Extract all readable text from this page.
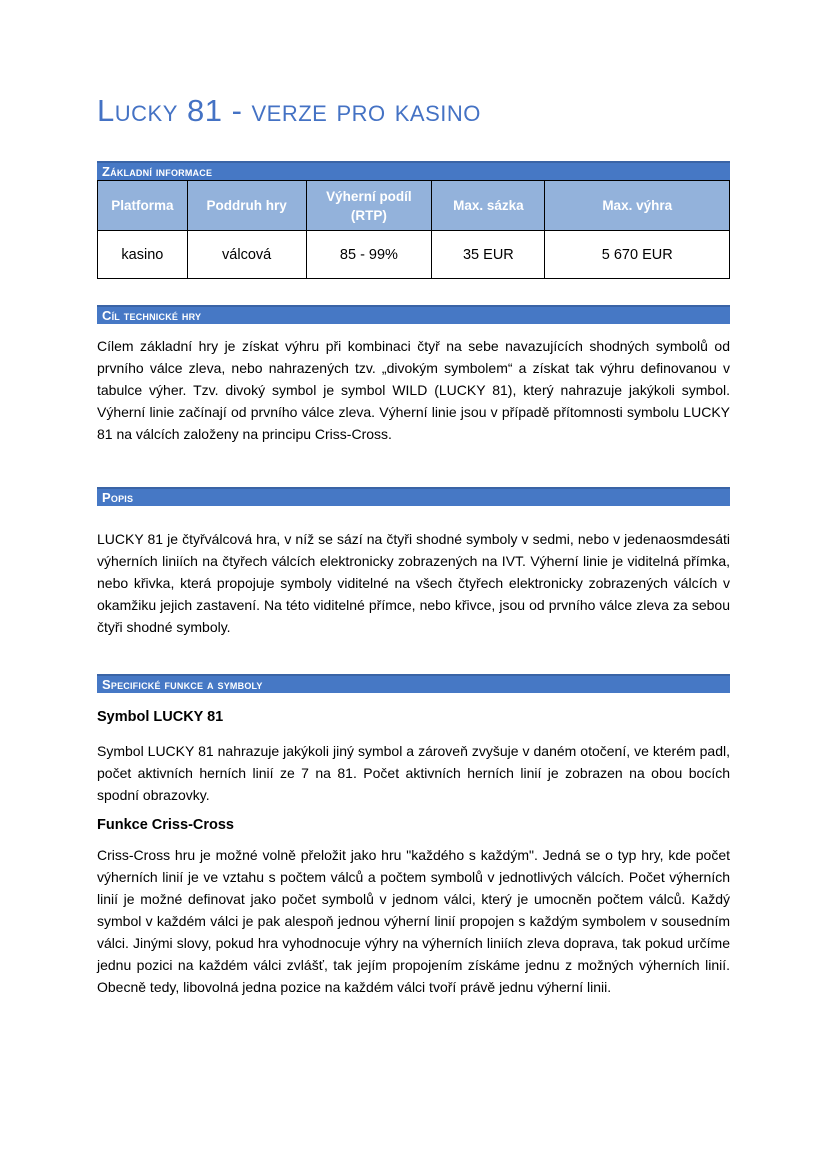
Lucky 81 - verze pro kasino
Základní informace
Platforma	Poddruh hry	Výherní podíl (RTP)	Max. sázka	Max. výhra
kasino	válcová	85 - 99%	35 EUR	5 670 EUR
Cíl technické hry

Cílem základní hry je získat výhru při kombinaci čtyř na sebe navazujících shodných symbolů od prvního válce zleva, nebo nahrazených tzv. „divokým symbolem“ a získat tak výhru definovanou v tabulce výher. Tzv. divoký symbol je symbol WILD (LUCKY 81), který nahrazuje jakýkoli symbol. Výherní linie začínají od prvního válce zleva. Výherní linie jsou v případě přítomnosti symbolu LUCKY 81 na válcích založeny na principu Criss-Cross.

Popis

LUCKY 81 je čtyřválcová hra, v níž se sází na čtyři shodné symboly v sedmi, nebo v jedenaosmdesáti výherních liniích na čtyřech válcích elektronicky zobrazených na IVT. Výherní linie je viditelná přímka, nebo křivka, která propojuje symboly viditelné na všech čtyřech elektronicky zobrazených válcích v okamžiku jejich zastavení. Na této viditelné přímce, nebo křivce, jsou od prvního válce zleva za sebou čtyři shodné symboly.

Specifické funkce a symboly
Symbol LUCKY 81

Symbol LUCKY 81 nahrazuje jakýkoli jiný symbol a zároveň zvyšuje v daném otočení, ve kterém padl, počet aktivních herních linií ze 7 na 81. Počet aktivních herních linií je zobrazen na obou bocích spodní obrazovky.

Funkce Criss-Cross

Criss-Cross hru je možné volně přeložit jako hru "každého s každým". Jedná se o typ hry, kde počet výherních linií je ve vztahu s počtem válců a počtem symbolů v jednotlivých válcích. Počet výherních linií je možné definovat jako počet symbolů v jednom válci, který je umocněn počtem válců. Každý symbol v každém válci je pak alespoň jednou výherní linií propojen s každým symbolem v sousedním válci. Jinými slovy, pokud hra vyhodnocuje výhry na výherních liniích zleva doprava, tak pokud určíme jednu pozici na každém válci zvlášť, tak jejím propojením získáme jednu z možných výherních linií. Obecně tedy, libovolná jedna pozice na každém válci tvoří právě jednu výherní linii.
